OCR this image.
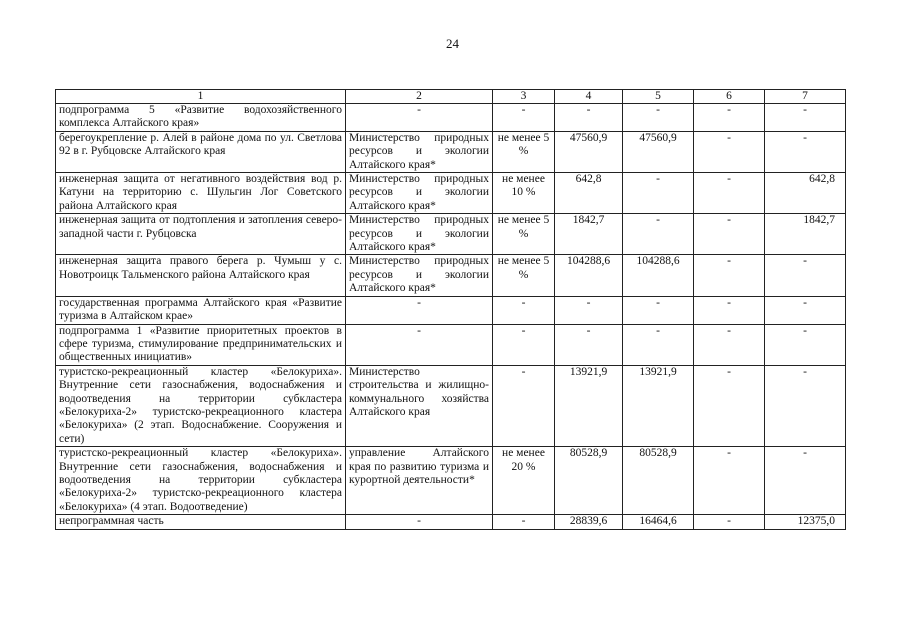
24
1	2	3	4	5	6	7
подпрограмма 5 «Развитие водохозяйственного комплекса Алтайского края»	-	-	-	-	-	-
берегоукрепление р. Алей в районе дома по ул. Светлова 92 в г. Рубцовске Алтайского края	Министерство природных ресурсов и экологии Алтайского края*	не менее 5 %	47560,9	47560,9	-	-
инженерная защита от негативного воздействия вод р. Катуни на территорию с. Шульгин Лог Советского района Алтайского края	Министерство природных ресурсов и экологии Алтайского края*	не менее 10 %	642,8	-	-	642,8
инженерная защита от подтопления и затопления северо-западной части г. Рубцовска	Министерство природных ресурсов и экологии Алтайского края*	не менее 5 %	1842,7	-	-	1842,7
инженерная защита правого берега р. Чумыш у с. Новотроицк Тальменского района Алтайского края	Министерство природных ресурсов и экологии Алтайского края*	не менее 5 %	104288,6	104288,6	-	-
государственная программа Алтайского края «Развитие туризма в Алтайском крае»	-	-	-	-	-	-
подпрограмма 1 «Развитие приоритетных проектов в сфере туризма, стимулирование предпринимательских и общественных инициатив»	-	-	-	-	-	-
туристско-рекреационный кластер «Белокуриха». Внутренние сети газоснабжения, водоснабжения и водоотведения на территории субкластера «Белокуриха-2» туристско-рекреационного кластера «Белокуриха» (2 этап. Водоснабжение. Сооружения и сети)	Министерство строительства и жилищно-коммунального хозяйства Алтайского края	-	13921,9	13921,9	-	-
туристско-рекреационный кластер «Белокуриха». Внутренние сети газоснабжения, водоснабжения и водоотведения на территории субкластера «Белокуриха-2» туристско-рекреационного кластера «Белокуриха» (4 этап. Водоотведение)	управление Алтайского края по развитию туризма и курортной деятельности*	не менее 20 %	80528,9	80528,9	-	-
непрограммная часть	-	-	28839,6	16464,6	-	12375,0
